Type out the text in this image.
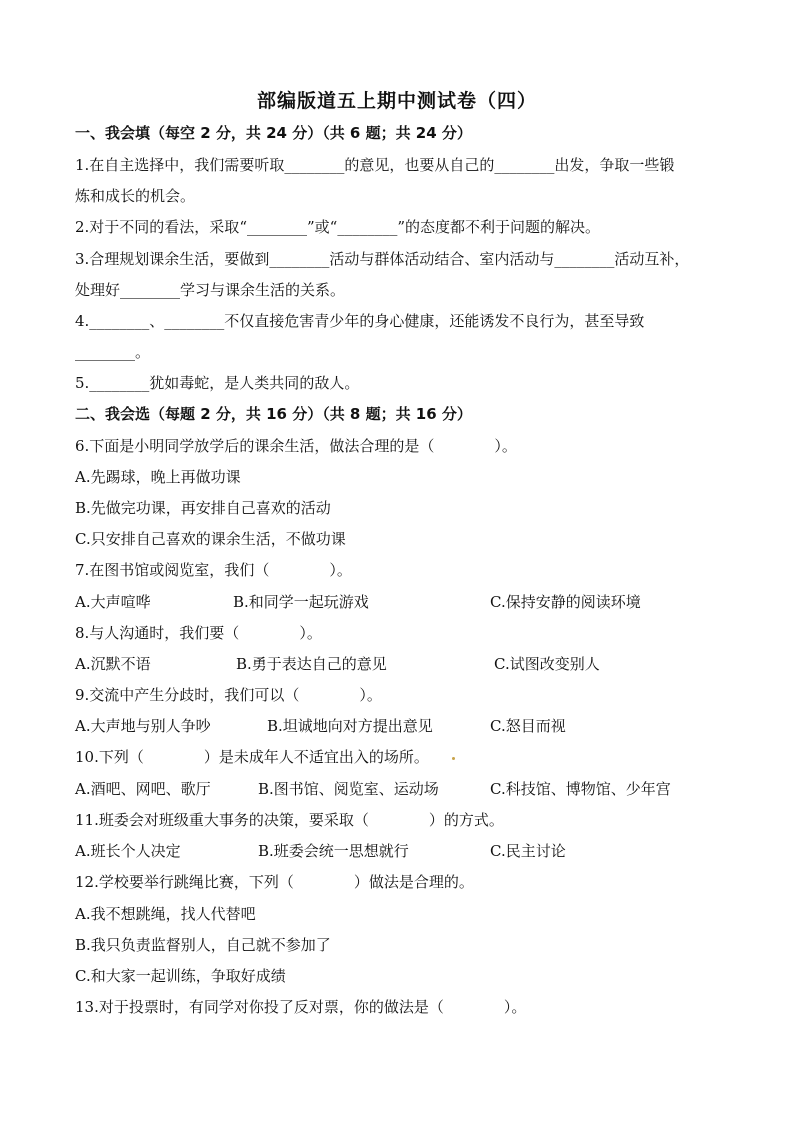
部编版道五上期中测试卷（四）
一、我会填（每空 2 分，共 24 分）（共 6 题；共 24 分）
1.在自主选择中，我们需要听取________的意见，也要从自己的________出发，争取一些锻
炼和成长的机会。
2.对于不同的看法，采取“________”或“________”的态度都不利于问题的解决。
3.合理规划课余生活，要做到________活动与群体活动结合、室内活动与________活动互补，
处理好________学习与课余生活的关系。
4.________、________不仅直接危害青少年的身心健康，还能诱发不良行为，甚至导致
________。
5.________犹如毒蛇，是人类共同的敌人。
二、我会选（每题 2 分，共 16 分）（共 8 题；共 16 分）
6.下面是小明同学放学后的课余生活，做法合理的是（　　　　）。
A.先踢球，晚上再做功课
B.先做完功课，再安排自己喜欢的活动
C.只安排自己喜欢的课余生活，不做功课
7.在图书馆或阅览室，我们（　　　　）。
A.大声喧哗	B.和同学一起玩游戏	C.保持安静的阅读环境
8.与人沟通时，我们要（　　　　）。
A.沉默不语	B.勇于表达自己的意见	C.试图改变别人
9.交流中产生分歧时，我们可以（　　　　）。
A.大声地与别人争吵	B.坦诚地向对方提出意见	C.怒目而视
10.下列（　　　　）是未成年人不适宜出入的场所。
A.酒吧、网吧、歌厅	B.图书馆、阅览室、运动场	C.科技馆、博物馆、少年宫
11.班委会对班级重大事务的决策，要采取（　　　　）的方式。
A.班长个人决定	B.班委会统一思想就行	C.民主讨论
12.学校要举行跳绳比赛，下列（　　　　）做法是合理的。
A.我不想跳绳，找人代替吧
B.我只负责监督别人，自己就不参加了
C.和大家一起训练，争取好成绩
13.对于投票时，有同学对你投了反对票，你的做法是（　　　　）。
